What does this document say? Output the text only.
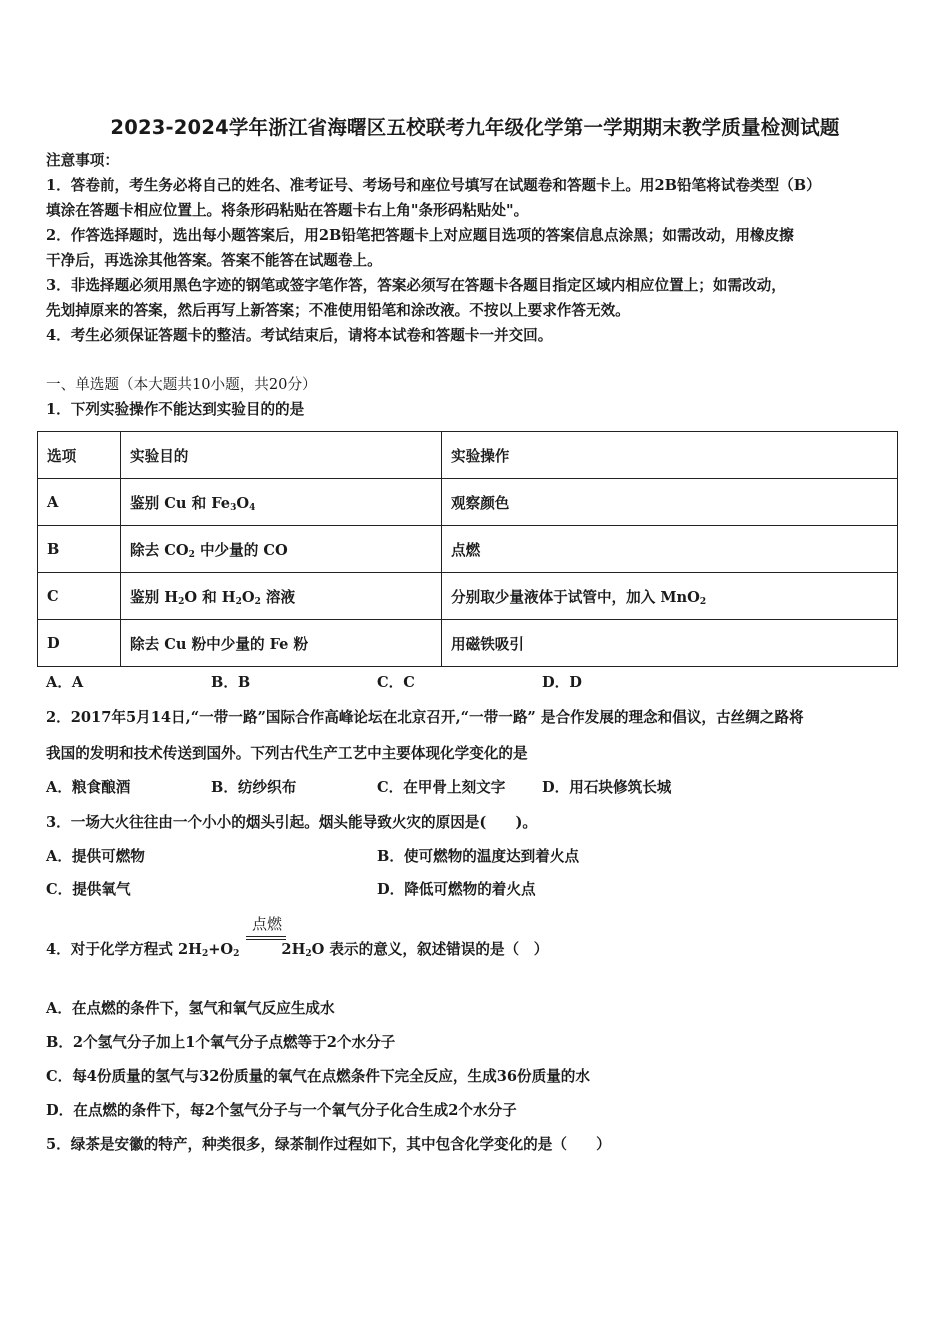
2023-2024学年浙江省海曙区五校联考九年级化学第一学期期末教学质量检测试题
注意事项：
1．答卷前，考生务必将自己的姓名、准考证号、考场号和座位号填写在试题卷和答题卡上。用2B铅笔将试卷类型（B）
填涂在答题卡相应位置上。将条形码粘贴在答题卡右上角"条形码粘贴处"。
2．作答选择题时，选出每小题答案后，用2B铅笔把答题卡上对应题目选项的答案信息点涂黑；如需改动，用橡皮擦
干净后，再选涂其他答案。答案不能答在试题卷上。
3．非选择题必须用黑色字迹的钢笔或签字笔作答，答案必须写在答题卡各题目指定区域内相应位置上；如需改动，
先划掉原来的答案，然后再写上新答案；不准使用铅笔和涂改液。不按以上要求作答无效。
4．考生必须保证答题卡的整洁。考试结束后，请将本试卷和答题卡一并交回。
一、单选题（本大题共10小题，共20分）
1．下列实验操作不能达到实验目的的是
选项	实验目的	实验操作
A	鉴别 Cu 和 $Fe_3O_4$	观察颜色
B	除去 $CO_2$ 中少量的 CO	点燃
C	鉴别 $H_2O$ 和 $H_2O_2$ 溶液	分别取少量液体于试管中，加入 MnO$_2$
D	除去 Cu 粉中少量的 Fe 粉	用磁铁吸引
A．A	B．B	C．C	D．D
2．2017年5月14日,“一带一路”国际合作高峰论坛在北京召开,“一带一路” 是合作发展的理念和倡议，古丝绸之路将
我国的发明和技术传送到国外。下列古代生产工艺中主要体现化学变化的是
A．粮食酿酒	B．纺纱织布	C．在甲骨上刻文字	D．用石块修筑长城
3．一场大火往往由一个小小的烟头引起。烟头能导致火灾的原因是(　　)。
A．提供可燃物	B．使可燃物的温度达到着火点
C．提供氧气	D．降低可燃物的着火点
点燃
4．对于化学方程式 $2H_2+O_2$	$2H_2O$ 表示的意义，叙述错误的是（　）
A．在点燃的条件下，氢气和氧气反应生成水
B．2个氢气分子加上1个氧气分子点燃等于2个水分子
C．每4份质量的氢气与32份质量的氧气在点燃条件下完全反应，生成36份质量的水
D．在点燃的条件下，每2个氢气分子与一个氧气分子化合生成2个水分子
5．绿茶是安徽的特产，种类很多，绿茶制作过程如下，其中包含化学变化的是（　　）
